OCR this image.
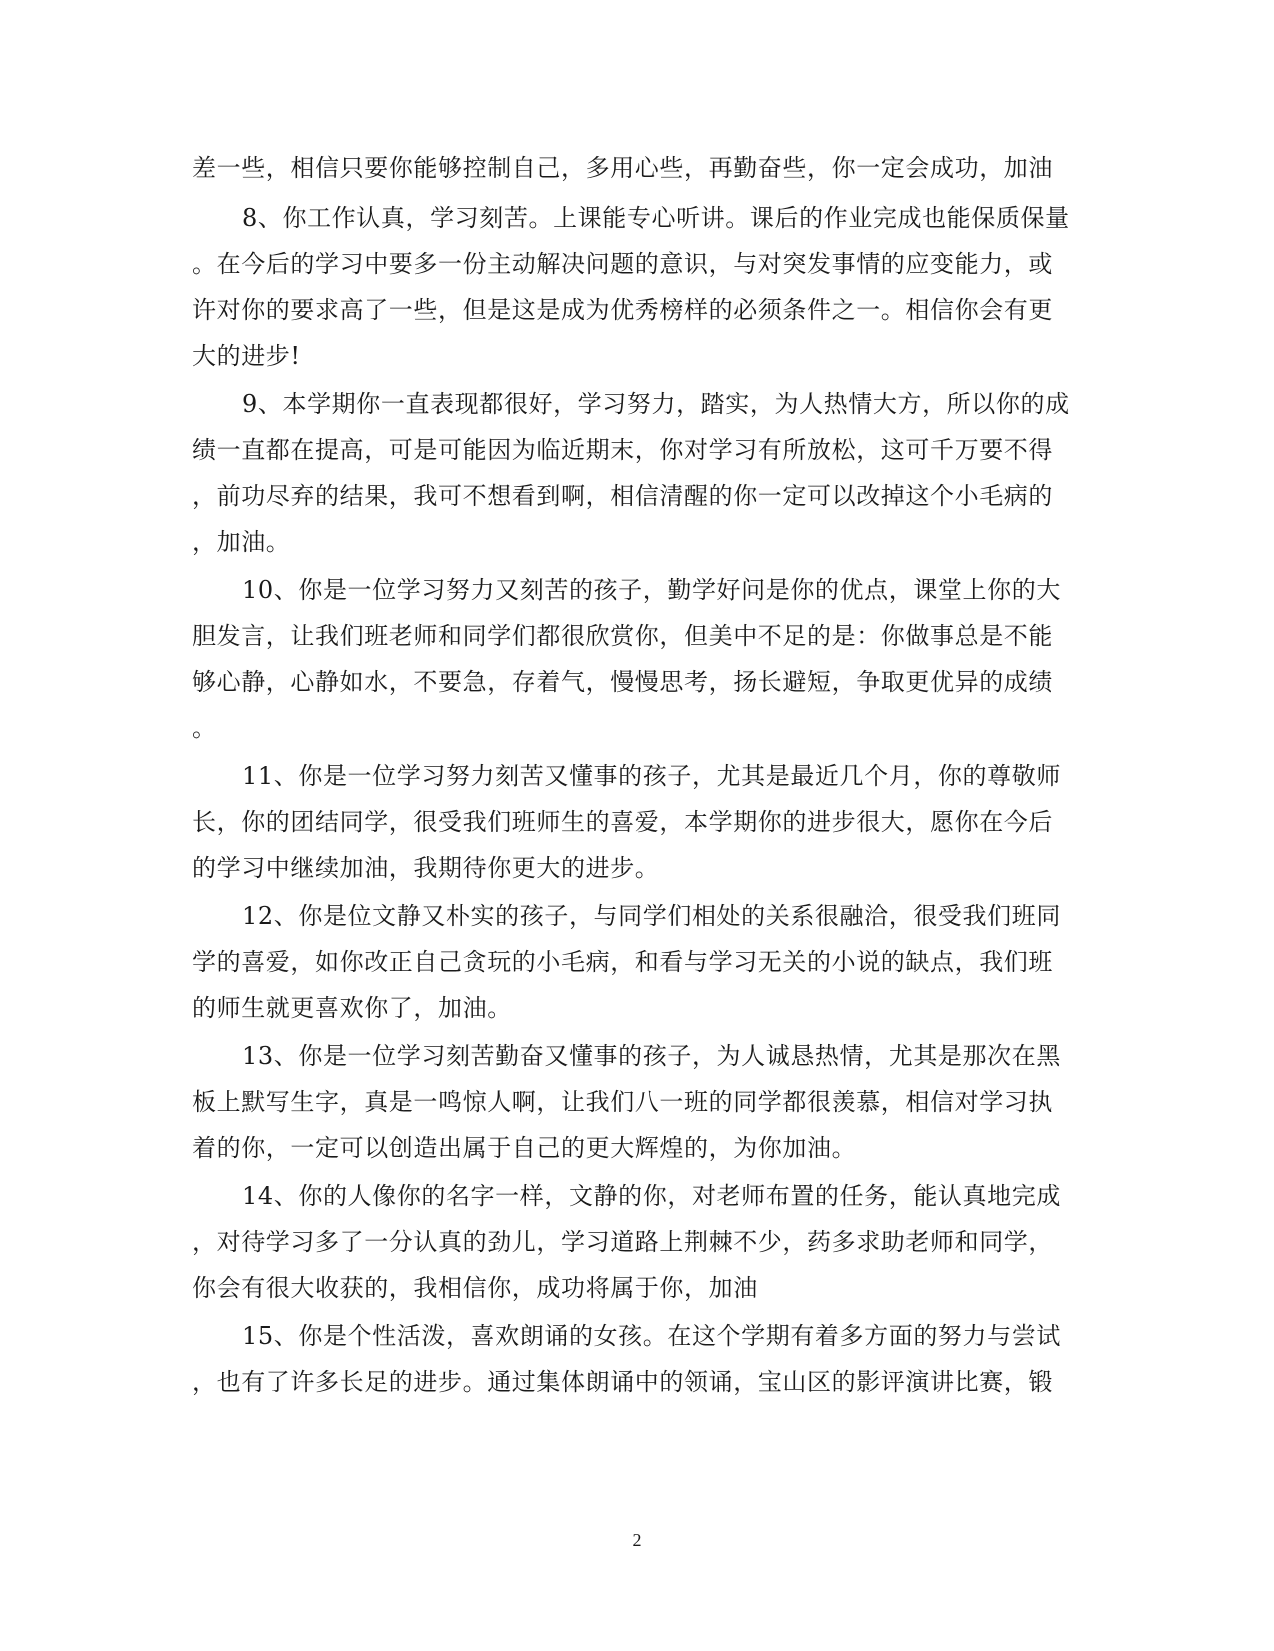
差一些，相信只要你能够控制自己，多用心些，再勤奋些，你一定会成功，加油
8、你工作认真，学习刻苦。上课能专心听讲。课后的作业完成也能保质保量
。在今后的学习中要多一份主动解决问题的意识，与对突发事情的应变能力，或
许对你的要求高了一些，但是这是成为优秀榜样的必须条件之一。相信你会有更
大的进步!
9、本学期你一直表现都很好，学习努力，踏实，为人热情大方，所以你的成
绩一直都在提高，可是可能因为临近期末，你对学习有所放松，这可千万要不得
，前功尽弃的结果，我可不想看到啊，相信清醒的你一定可以改掉这个小毛病的
，加油。
10、你是一位学习努力又刻苦的孩子，勤学好问是你的优点，课堂上你的大
胆发言，让我们班老师和同学们都很欣赏你，但美中不足的是：你做事总是不能
够心静，心静如水，不要急，存着气，慢慢思考，扬长避短，争取更优异的成绩
。
11、你是一位学习努力刻苦又懂事的孩子，尤其是最近几个月，你的尊敬师
长，你的团结同学，很受我们班师生的喜爱，本学期你的进步很大，愿你在今后
的学习中继续加油，我期待你更大的进步。
12、你是位文静又朴实的孩子，与同学们相处的关系很融洽，很受我们班同
学的喜爱，如你改正自己贪玩的小毛病，和看与学习无关的小说的缺点，我们班
的师生就更喜欢你了，加油。
13、你是一位学习刻苦勤奋又懂事的孩子，为人诚恳热情，尤其是那次在黑
板上默写生字，真是一鸣惊人啊，让我们八一班的同学都很羡慕，相信对学习执
着的你，一定可以创造出属于自己的更大辉煌的，为你加油。
14、你的人像你的名字一样，文静的你，对老师布置的任务，能认真地完成
，对待学习多了一分认真的劲儿，学习道路上荆棘不少，药多求助老师和同学，
你会有很大收获的，我相信你，成功将属于你，加油
15、你是个性活泼，喜欢朗诵的女孩。在这个学期有着多方面的努力与尝试
，也有了许多长足的进步。通过集体朗诵中的领诵，宝山区的影评演讲比赛，锻
2
